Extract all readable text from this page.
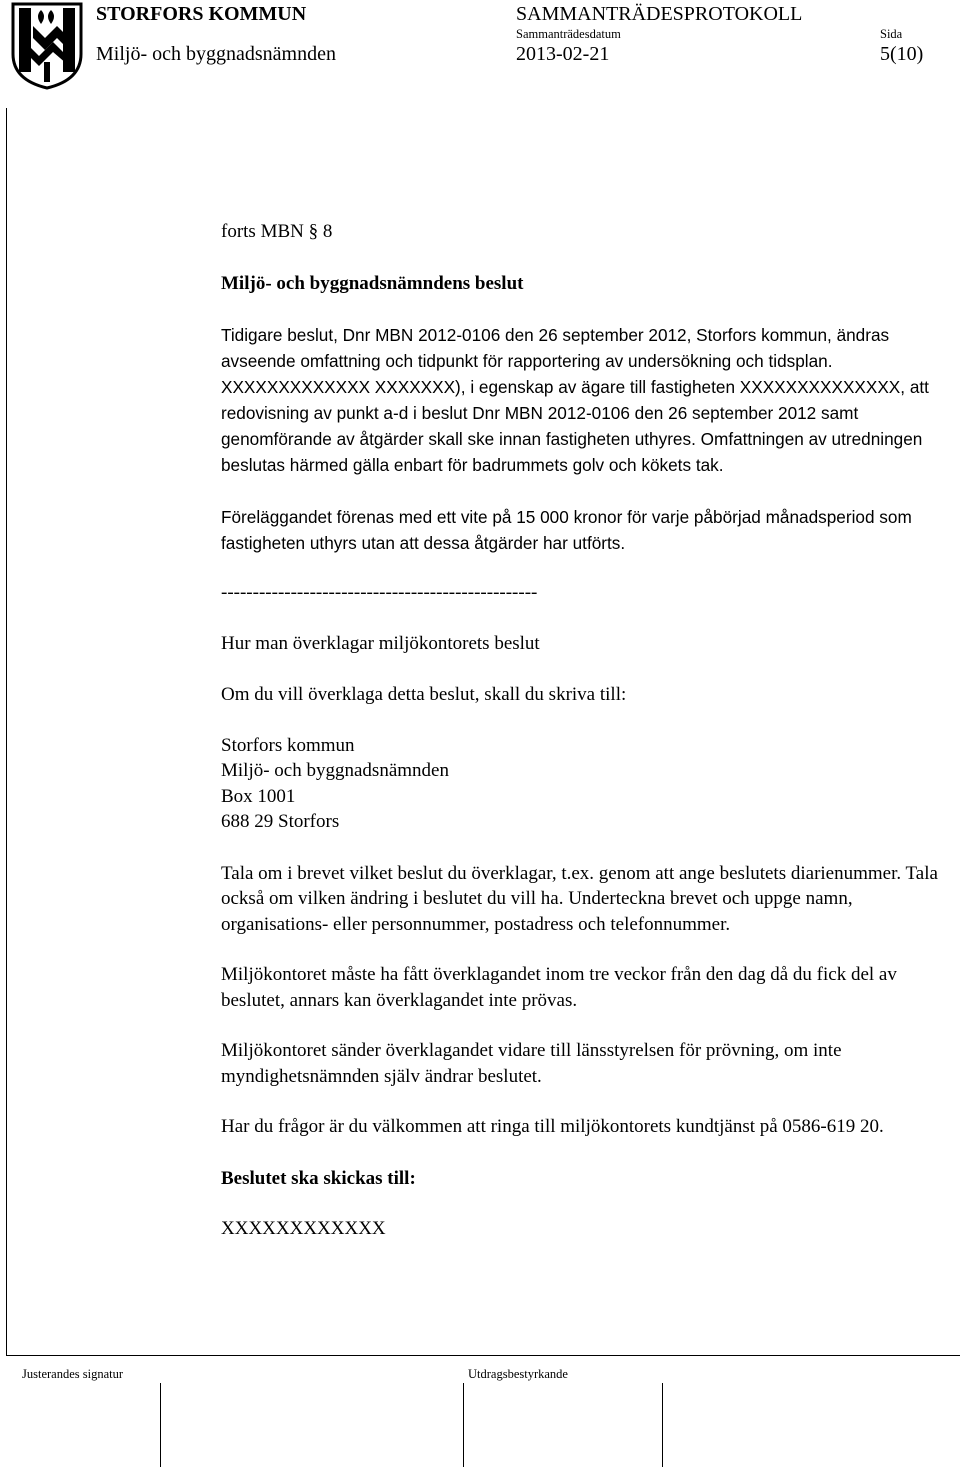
STORFORS KOMMUN
Miljö- och byggnadsnämnden
SAMMANTRÄDESPROTOKOLL
Sammanträdesdatum	Sida
2013-02-21	5(10)

forts MBN § 8

Miljö- och byggnadsnämndens beslut

Tidigare beslut, Dnr MBN 2012-0106 den 26 september 2012, Storfors kommun, ändras avseende omfattning och tidpunkt för rapportering av undersökning och tidsplan.

XXXXXXXXXXXXX XXXXXXX), i egenskap av ägare till fastigheten XXXXXXXXXXXXXX, att redovisning av punkt a-d i beslut Dnr MBN 2012-0106 den 26 september 2012 samt genomförande av åtgärder skall ske innan fastigheten uthyres. Omfattningen av utredningen beslutas härmed gälla enbart för badrummets golv och kökets tak.

Föreläggandet förenas med ett vite på 15 000 kronor för varje påbörjad månadsperiod som fastigheten uthyrs utan att dessa åtgärder har utförts.

--------------------------------------------------

Hur man överklagar miljökontorets beslut

Om du vill överklaga detta beslut, skall du skriva till:

Storfors kommun

Miljö- och byggnadsnämnden

Box 1001

688 29 Storfors

Tala om i brevet vilket beslut du överklagar, t.ex. genom att ange beslutets diarienummer. Tala också om vilken ändring i beslutet du vill ha. Underteckna brevet och uppge namn, organisations- eller personnummer, postadress och telefonnummer.

Miljökontoret måste ha fått överklagandet inom tre veckor från den dag då du fick del av beslutet, annars kan överklagandet inte prövas.

Miljökontoret sänder överklagandet vidare till länsstyrelsen för prövning, om inte myndighetsnämnden själv ändrar beslutet.

Har du frågor är du välkommen att ringa till miljökontorets kundtjänst på 0586-619 20.

Beslutet ska skickas till:

XXXXXXXXXXXX

Justerandes signatur	Utdragsbestyrkande
